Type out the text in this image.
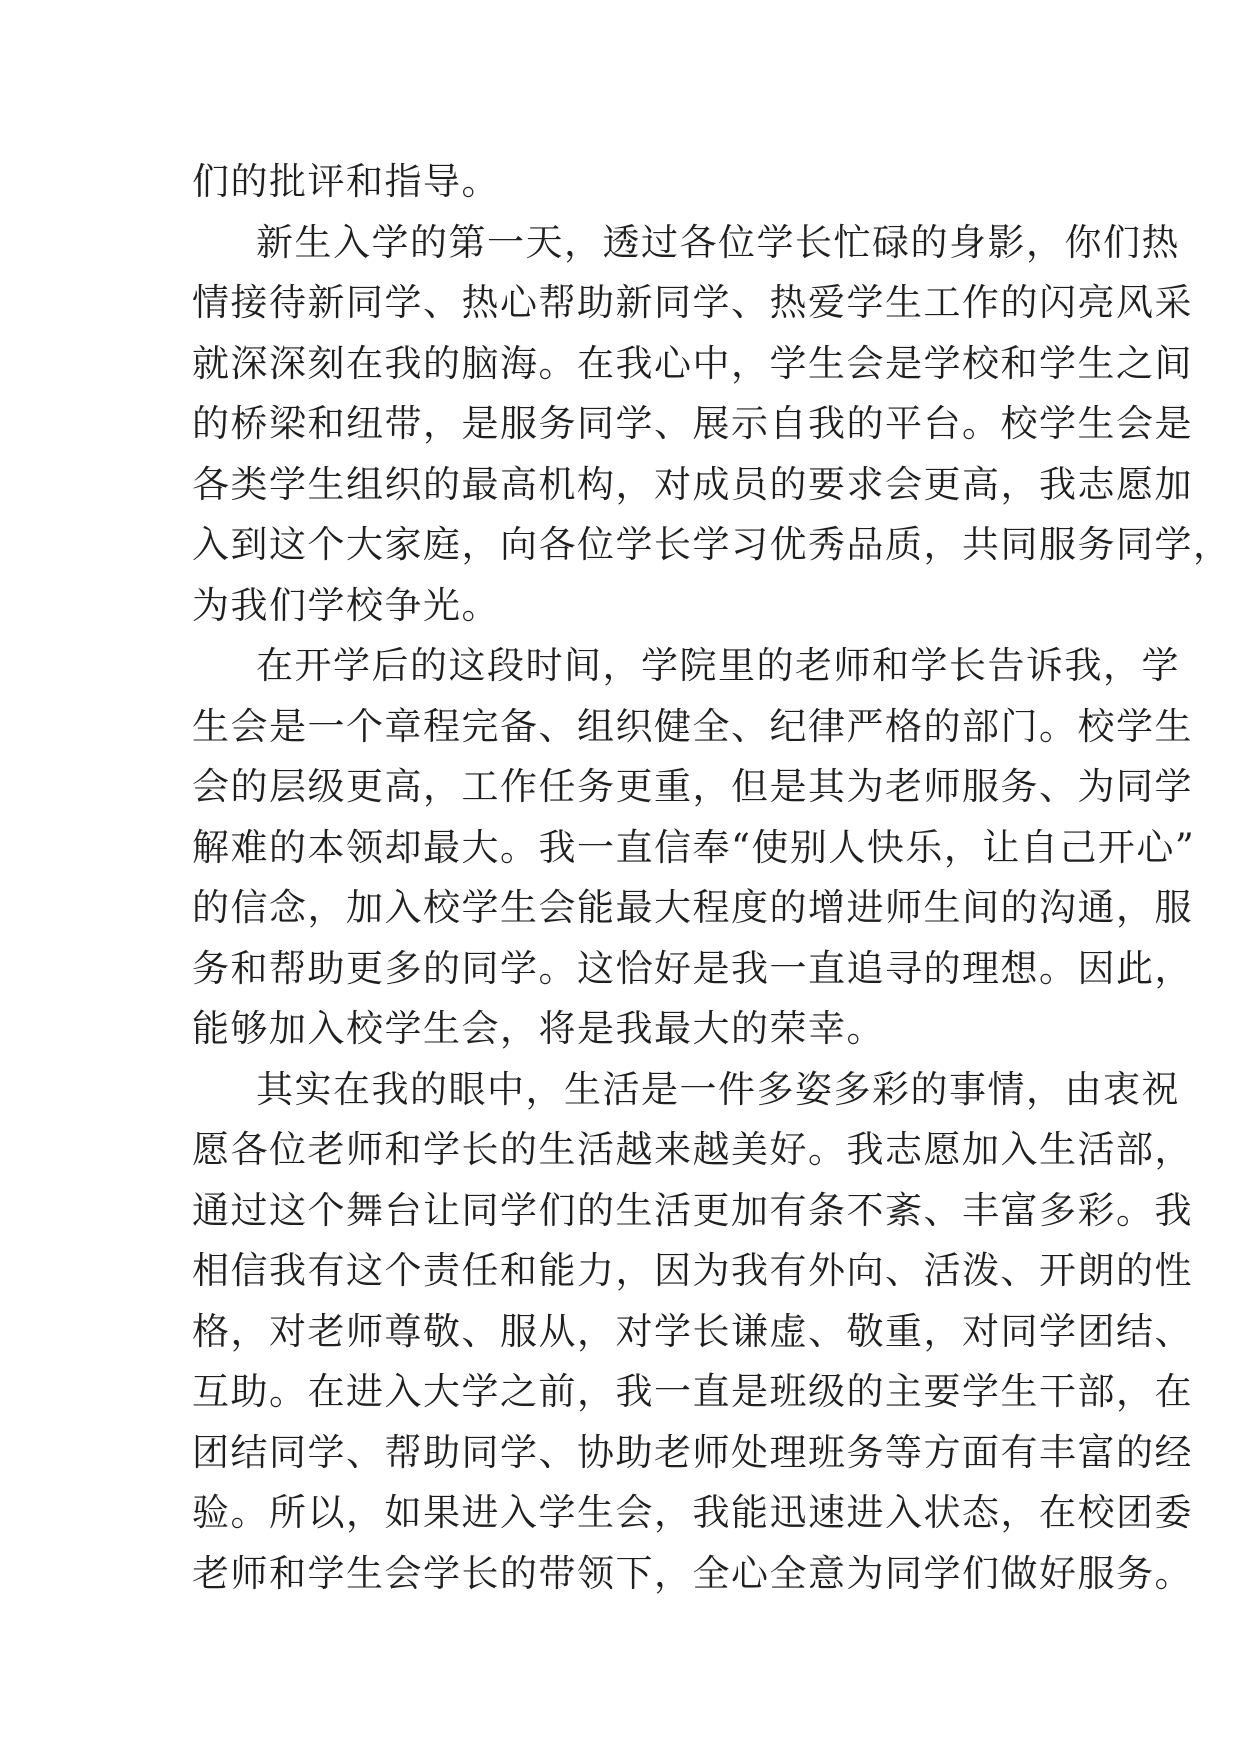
们的批评和指导。
新生入学的第一天，透过各位学长忙碌的身影，你们热
情接待新同学、热心帮助新同学、热爱学生工作的闪亮风采
就深深刻在我的脑海。在我心中，学生会是学校和学生之间
的桥梁和纽带，是服务同学、展示自我的平台。校学生会是
各类学生组织的最高机构，对成员的要求会更高，我志愿加
入到这个大家庭，向各位学长学习优秀品质，共同服务同学，
为我们学校争光。
在开学后的这段时间，学院里的老师和学长告诉我，学
生会是一个章程完备、组织健全、纪律严格的部门。校学生
会的层级更高，工作任务更重，但是其为老师服务、为同学
解难的本领却最大。我一直信奉“使别人快乐，让自己开心”
的信念，加入校学生会能最大程度的增进师生间的沟通，服
务和帮助更多的同学。这恰好是我一直追寻的理想。因此，
能够加入校学生会，将是我最大的荣幸。
其实在我的眼中，生活是一件多姿多彩的事情，由衷祝
愿各位老师和学长的生活越来越美好。我志愿加入生活部，
通过这个舞台让同学们的生活更加有条不紊、丰富多彩。我
相信我有这个责任和能力，因为我有外向、活泼、开朗的性
格，对老师尊敬、服从，对学长谦虚、敬重，对同学团结、
互助。在进入大学之前，我一直是班级的主要学生干部，在
团结同学、帮助同学、协助老师处理班务等方面有丰富的经
验。所以，如果进入学生会，我能迅速进入状态，在校团委
老师和学生会学长的带领下，全心全意为同学们做好服务。
